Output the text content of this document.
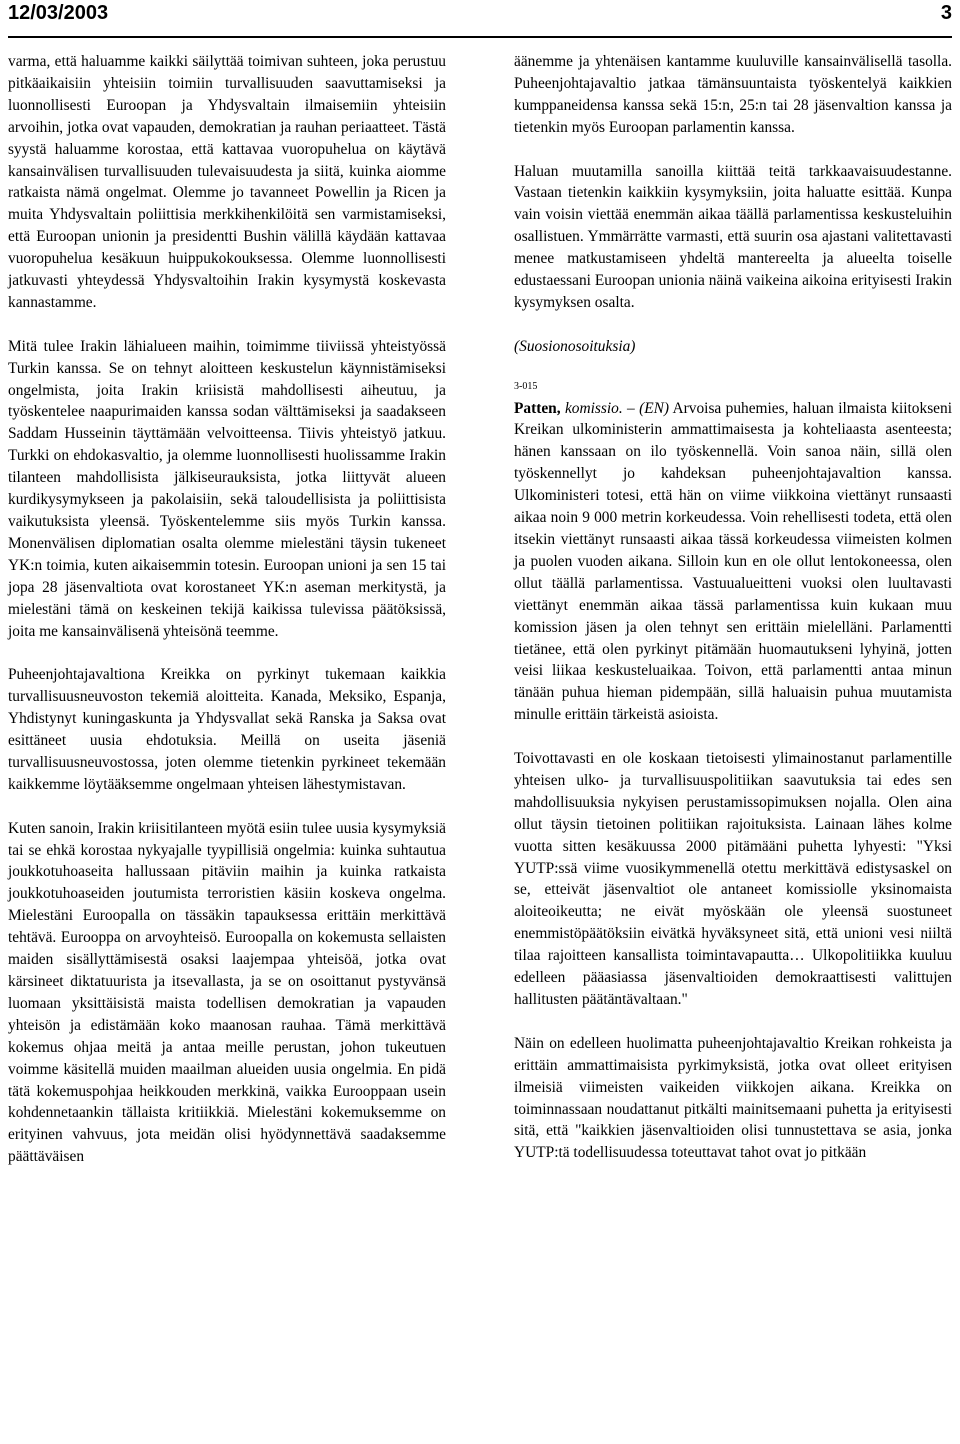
12/03/2003	3

varma, että haluamme kaikki säilyttää toimivan suhteen, joka perustuu pitkäaikaisiin yhteisiin toimiin turvallisuuden saavuttamiseksi ja luonnollisesti Euroopan ja Yhdysvaltain ilmaisemiin yhteisiin arvoihin, jotka ovat vapauden, demokratian ja rauhan periaatteet. Tästä syystä haluamme korostaa, että kattavaa vuoropuhelua on käytävä kansainvälisen turvallisuuden tulevaisuudesta ja siitä, kuinka aiomme ratkaista nämä ongelmat. Olemme jo tavanneet Powellin ja Ricen ja muita Yhdysvaltain poliittisia merkkihenkilöitä sen varmistamiseksi, että Euroopan unionin ja presidentti Bushin välillä käydään kattavaa vuoropuhelua kesäkuun huippukokouksessa. Olemme luonnollisesti jatkuvasti yhteydessä Yhdysvaltoihin Irakin kysymystä koskevasta kannastamme.

Mitä tulee Irakin lähialueen maihin, toimimme tiiviissä yhteistyössä Turkin kanssa. Se on tehnyt aloitteen keskustelun käynnistämiseksi ongelmista, joita Irakin kriisistä mahdollisesti aiheutuu, ja työskentelee naapurimaiden kanssa sodan välttämiseksi ja saadakseen Saddam Husseinin täyttämään velvoitteensa. Tiivis yhteistyö jatkuu. Turkki on ehdokasvaltio, ja olemme luonnollisesti huolissamme Irakin tilanteen mahdollisista jälkiseurauksista, jotka liittyvät alueen kurdikysymykseen ja pakolaisiin, sekä taloudellisista ja poliittisista vaikutuksista yleensä. Työskentelemme siis myös Turkin kanssa. Monenvälisen diplomatian osalta olemme mielestäni täysin tukeneet YK:n toimia, kuten aikaisemmin totesin. Euroopan unioni ja sen 15 tai jopa 28 jäsenvaltiota ovat korostaneet YK:n aseman merkitystä, ja mielestäni tämä on keskeinen tekijä kaikissa tulevissa päätöksissä, joita me kansainvälisenä yhteisönä teemme.

Puheenjohtajavaltiona Kreikka on pyrkinyt tukemaan kaikkia turvallisuusneuvoston tekemiä aloitteita. Kanada, Meksiko, Espanja, Yhdistynyt kuningaskunta ja Yhdysvallat sekä Ranska ja Saksa ovat esittäneet uusia ehdotuksia. Meillä on useita jäseniä turvallisuusneuvostossa, joten olemme tietenkin pyrkineet tekemään kaikkemme löytääksemme ongelmaan yhteisen lähestymistavan.

Kuten sanoin, Irakin kriisitilanteen myötä esiin tulee uusia kysymyksiä tai se ehkä korostaa nykyajalle tyypillisiä ongelmia: kuinka suhtautua joukkotuhoaseita hallussaan pitäviin maihin ja kuinka ratkaista joukkotuhoaseiden joutumista terroristien käsiin koskeva ongelma. Mielestäni Euroopalla on tässäkin tapauksessa erittäin merkittävä tehtävä. Eurooppa on arvoyhteisö. Euroopalla on kokemusta sellaisten maiden sisällyttämisestä osaksi laajempaa yhteisöä, jotka ovat kärsineet diktatuurista ja itsevallasta, ja se on osoittanut pystyvänsä luomaan yksittäisistä maista todellisen demokratian ja vapauden yhteisön ja edistämään koko maanosan rauhaa. Tämä merkittävä kokemus ohjaa meitä ja antaa meille perustan, johon tukeutuen voimme käsitellä muiden maailman alueiden uusia ongelmia. En pidä tätä kokemuspohjaa heikkouden merkkinä, vaikka Eurooppaan usein kohdennetaankin tällaista kritiikkiä. Mielestäni kokemuksemme on erityinen vahvuus, jota meidän olisi hyödynnettävä saadaksemme päättäväisen

äänemme ja yhtenäisen kantamme kuuluville kansainvälisellä tasolla. Puheenjohtajavaltio jatkaa tämänsuuntaista työskentelyä kaikkien kumppaneidensa kanssa sekä 15:n, 25:n tai 28 jäsenvaltion kanssa ja tietenkin myös Euroopan parlamentin kanssa.

Haluan muutamilla sanoilla kiittää teitä tarkkaavaisuudestanne. Vastaan tietenkin kaikkiin kysymyksiin, joita haluatte esittää. Kunpa vain voisin viettää enemmän aikaa täällä parlamentissa keskusteluihin osallistuen. Ymmärrätte varmasti, että suurin osa ajastani valitettavasti menee matkustamiseen yhdeltä mantereelta ja alueelta toiselle edustaessani Euroopan unionia näinä vaikeina aikoina erityisesti Irakin kysymyksen osalta.

(Suosionosoituksia)

3-015

Patten, komissio. – (EN) Arvoisa puhemies, haluan ilmaista kiitokseni Kreikan ulkoministerin ammattimaisesta ja kohteliaasta asenteesta; hänen kanssaan on ilo työskennellä. Voin sanoa näin, sillä olen työskennellyt jo kahdeksan puheenjohtajavaltion kanssa. Ulkoministeri totesi, että hän on viime viikkoina viettänyt runsaasti aikaa noin 9 000 metrin korkeudessa. Voin rehellisesti todeta, että olen itsekin viettänyt runsaasti aikaa tässä korkeudessa viimeisten kolmen ja puolen vuoden aikana. Silloin kun en ole ollut lentokoneessa, olen ollut täällä parlamentissa. Vastuualueitteni vuoksi olen luultavasti viettänyt enemmän aikaa tässä parlamentissa kuin kukaan muu komission jäsen ja olen tehnyt sen erittäin mielelläni. Parlamentti tietänee, että olen pyrkinyt pitämään huomautukseni lyhyinä, jotten veisi liikaa keskusteluaikaa. Toivon, että parlamentti antaa minun tänään puhua hieman pidempään, sillä haluaisin puhua muutamista minulle erittäin tärkeistä asioista.

Toivottavasti en ole koskaan tietoisesti ylimainostanut parlamentille yhteisen ulko- ja turvallisuuspolitiikan saavutuksia tai edes sen mahdollisuuksia nykyisen perustamissopimuksen nojalla. Olen aina ollut täysin tietoinen politiikan rajoituksista. Lainaan lähes kolme vuotta sitten kesäkuussa 2000 pitämääni puhetta lyhyesti: "Yksi YUTP:ssä viime vuosikymmenellä otettu merkittävä edistysaskel on se, etteivät jäsenvaltiot ole antaneet komissiolle yksinomaista aloiteoikeutta; ne eivät myöskään ole yleensä suostuneet enemmistöpäätöksiin eivätkä hyväksyneet sitä, että unioni vesi niiltä tilaa rajoitteen kansallista toimintavapautta… Ulkopolitiikka kuuluu edelleen pääasiassa jäsenvaltioiden demokraattisesti valittujen hallitusten päätäntävaltaan."

Näin on edelleen huolimatta puheenjohtajavaltio Kreikan rohkeista ja erittäin ammattimaisista pyrkimyksistä, jotka ovat olleet erityisen ilmeisiä viimeisten vaikeiden viikkojen aikana. Kreikka on toiminnassaan noudattanut pitkälti mainitsemaani puhetta ja erityisesti sitä, että "kaikkien jäsenvaltioiden olisi tunnustettava se asia, jonka YUTP:tä todellisuudessa toteuttavat tahot ovat jo pitkään
